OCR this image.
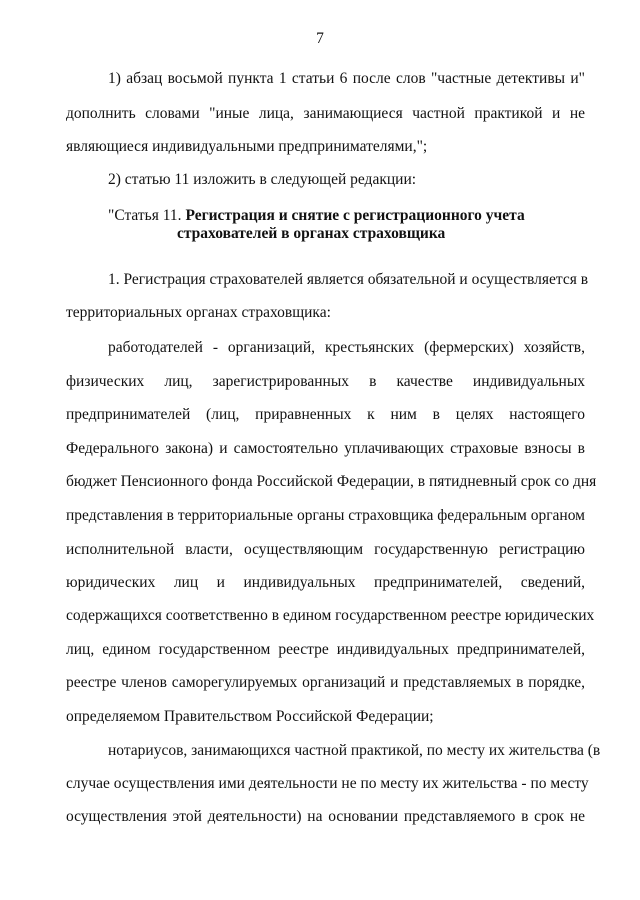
7
1) абзац восьмой пункта 1 статьи 6 после слов "частные детективы и"
дополнить словами "иные лица, занимающиеся частной практикой и не
являющиеся индивидуальными предпринимателями,";
2) статью 11 изложить в следующей редакции:
"Статья 11. Регистрация и снятие с регистрационного учета
страхователей в органах страховщика
1. Регистрация страхователей является обязательной и осуществляется в
территориальных органах страховщика:
работодателей - организаций, крестьянских (фермерских) хозяйств,
физических лиц, зарегистрированных в качестве индивидуальных
предпринимателей (лиц, приравненных к ним в целях настоящего
Федерального закона) и самостоятельно уплачивающих страховые взносы в
бюджет Пенсионного фонда Российской Федерации, в пятидневный срок со дня
представления в территориальные органы страховщика федеральным органом
исполнительной власти, осуществляющим государственную регистрацию
юридических лиц и индивидуальных предпринимателей, сведений,
содержащихся соответственно в едином государственном реестре юридических
лиц, едином государственном реестре индивидуальных предпринимателей,
реестре членов саморегулируемых организаций и представляемых в порядке,
определяемом Правительством Российской Федерации;
нотариусов, занимающихся частной практикой, по месту их жительства (в
случае осуществления ими деятельности не по месту их жительства - по месту
осуществления этой деятельности) на основании представляемого в срок не
